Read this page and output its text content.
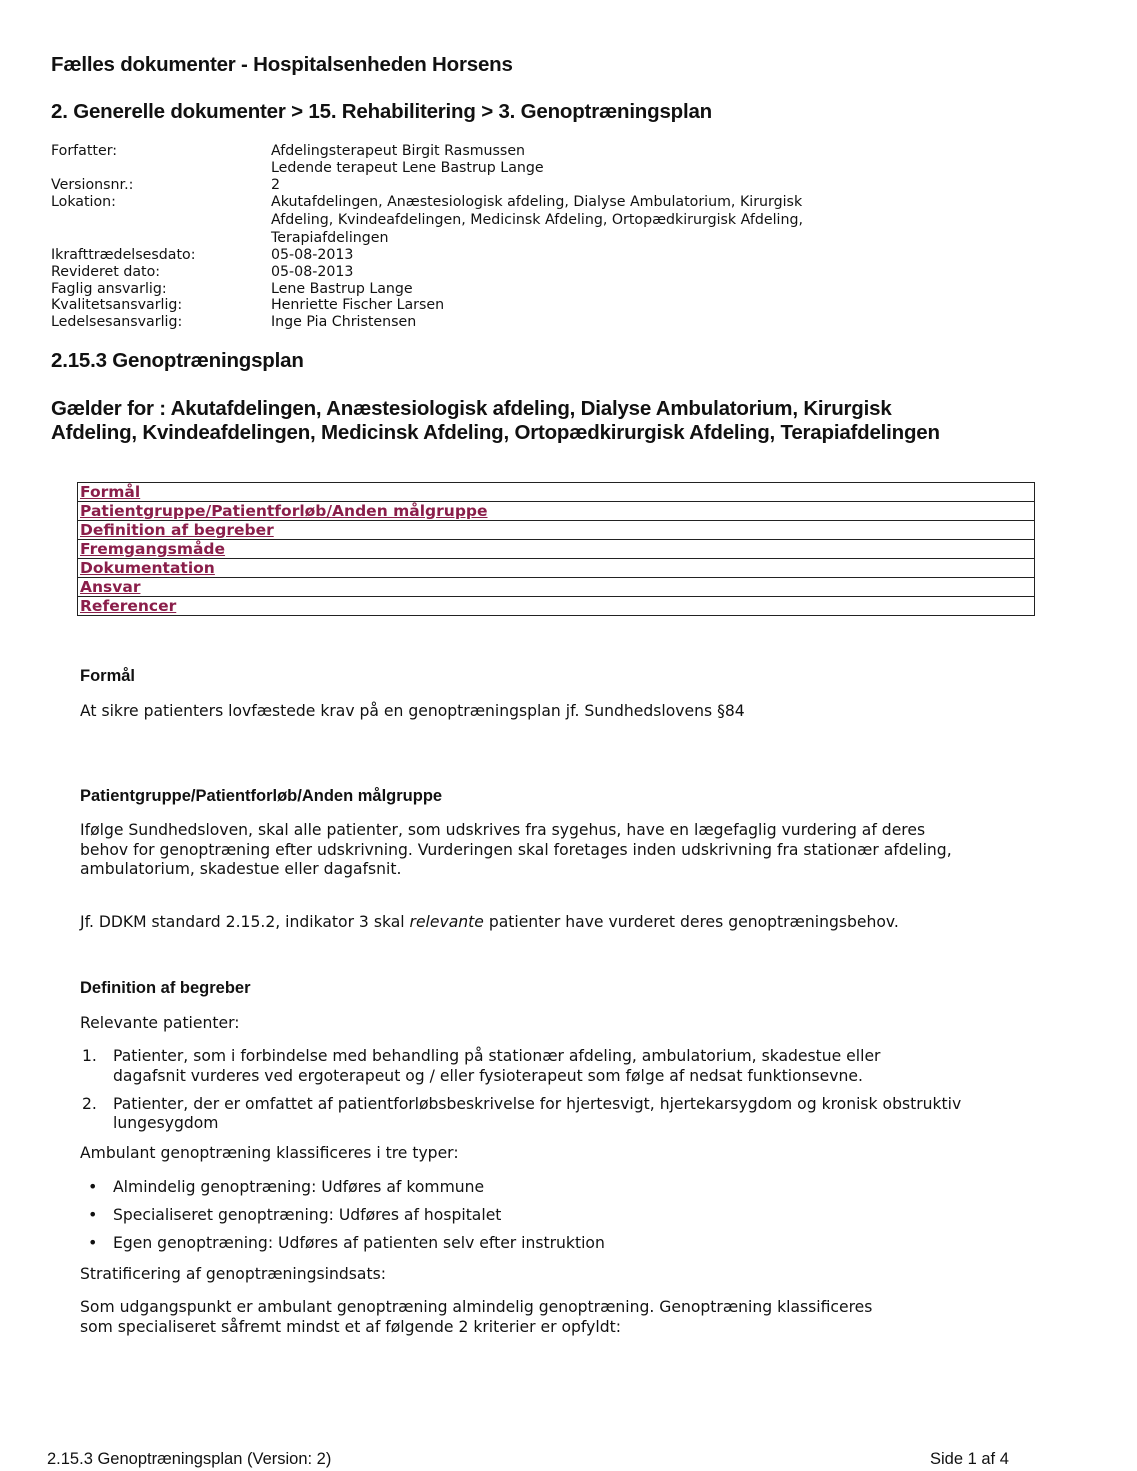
Fælles dokumenter - Hospitalsenheden Horsens
2. Generelle dokumenter > 15. Rehabilitering > 3. Genoptræningsplan
Forfatter:	Afdelingsterapeut Birgit Rasmussen
Ledende terapeut Lene Bastrup Lange
Versionsnr.:	2
Lokation:	Akutafdelingen, Anæstesiologisk afdeling, Dialyse Ambulatorium, Kirurgisk
Afdeling, Kvindeafdelingen, Medicinsk Afdeling, Ortopædkirurgisk Afdeling,
Terapiafdelingen
Ikrafttrædelsesdato:	05-08-2013
Revideret dato:	05-08-2013
Faglig ansvarlig:	Lene Bastrup Lange
Kvalitetsansvarlig:	Henriette Fischer Larsen
Ledelsesansvarlig:	Inge Pia Christensen
2.15.3 Genoptræningsplan
Gælder for : Akutafdelingen, Anæstesiologisk afdeling, Dialyse Ambulatorium, Kirurgisk
Afdeling, Kvindeafdelingen, Medicinsk Afdeling, Ortopædkirurgisk Afdeling, Terapiafdelingen
Formål
Patientgruppe/Patientforløb/Anden målgruppe
Definition af begreber
Fremgangsmåde
Dokumentation
Ansvar
Referencer
Formål
At sikre patienters lovfæstede krav på en genoptræningsplan jf. Sundhedslovens §84
Patientgruppe/Patientforløb/Anden målgruppe
Ifølge Sundhedsloven, skal alle patienter, som udskrives fra sygehus, have en lægefaglig vurdering af deres
behov for genoptræning efter udskrivning. Vurderingen skal foretages inden udskrivning fra stationær afdeling,
ambulatorium, skadestue eller dagafsnit.
Jf. DDKM standard 2.15.2, indikator 3 skal relevante patienter have vurderet deres genoptræningsbehov.
Definition af begreber
Relevante patienter:
1. Patienter, som i forbindelse med behandling på stationær afdeling, ambulatorium, skadestue eller
dagafsnit vurderes ved ergoterapeut og / eller fysioterapeut som følge af nedsat funktionsevne.
2. Patienter, der er omfattet af patientforløbsbeskrivelse for hjertesvigt, hjertekarsygdom og kronisk obstruktiv
lungesygdom
Ambulant genoptræning klassificeres i tre typer:
• Almindelig genoptræning: Udføres af kommune
• Specialiseret genoptræning: Udføres af hospitalet
• Egen genoptræning: Udføres af patienten selv efter instruktion
Stratificering af genoptræningsindsats:
Som udgangspunkt er ambulant genoptræning almindelig genoptræning. Genoptræning klassificeres
som specialiseret såfremt mindst et af følgende 2 kriterier er opfyldt:
2.15.3 Genoptræningsplan (Version: 2)	Side 1 af 4
